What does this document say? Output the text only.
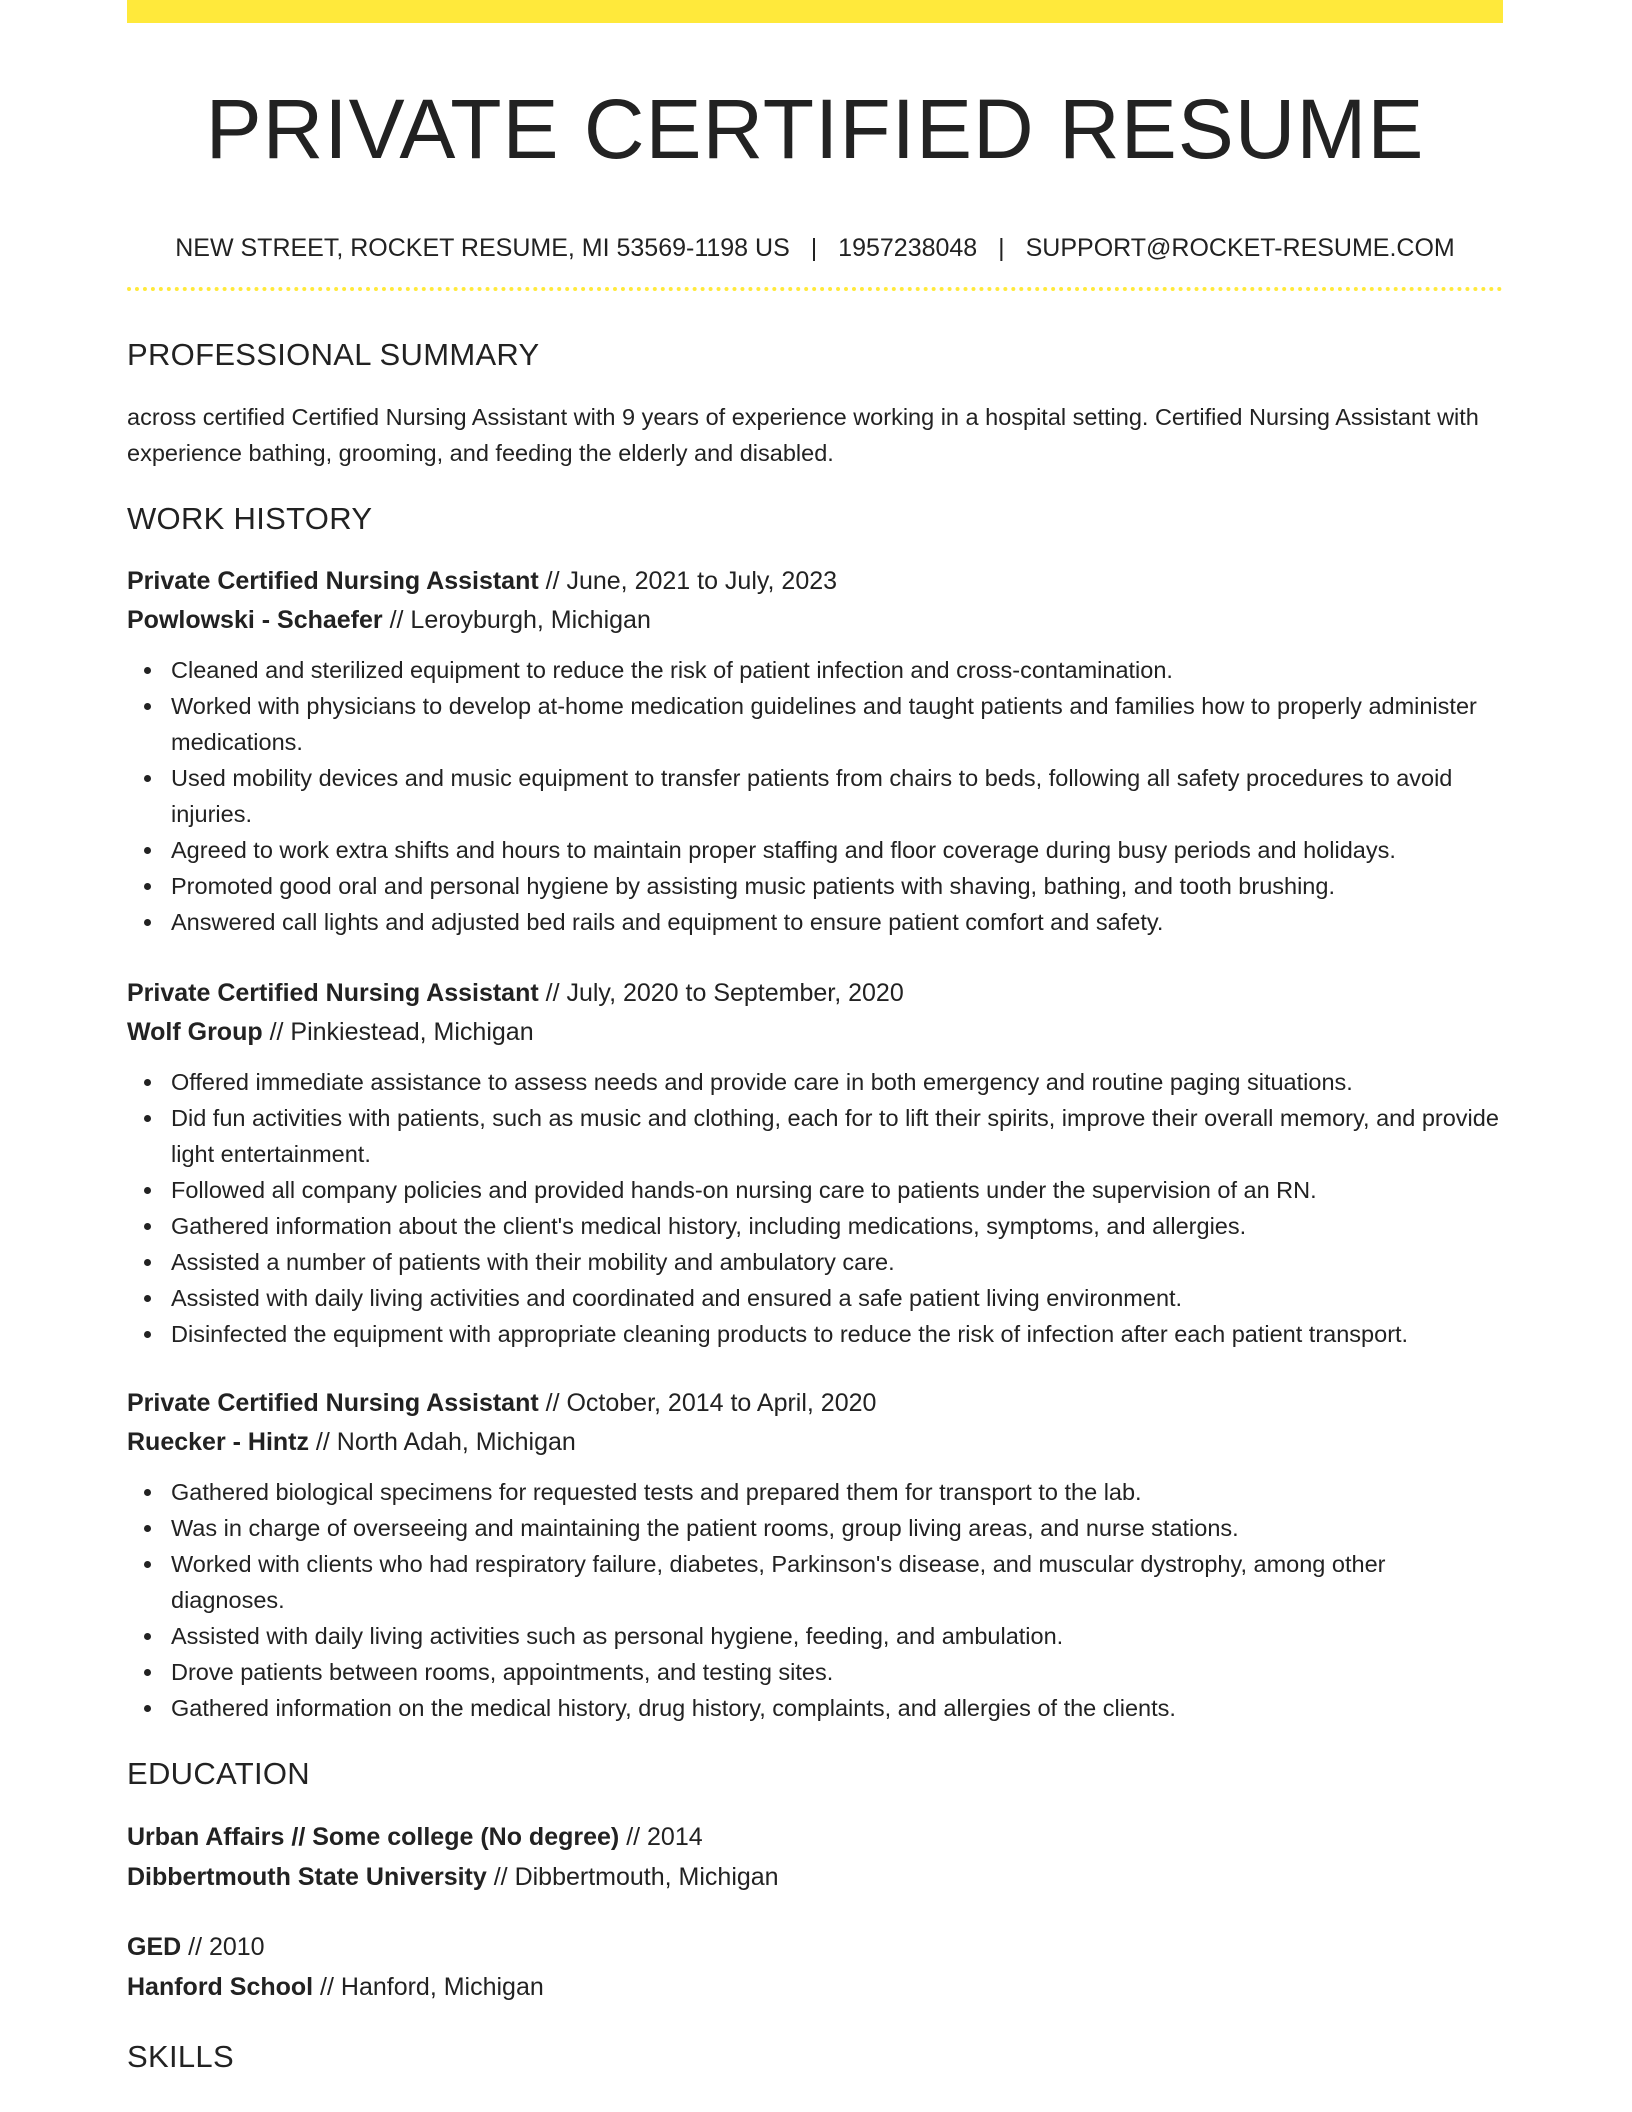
PRIVATE CERTIFIED RESUME
NEW STREET, ROCKET RESUME, MI 53569-1198 US | 1957238048 | SUPPORT@ROCKET-RESUME.COM
PROFESSIONAL SUMMARY
across certified Certified Nursing Assistant with 9 years of experience working in a hospital setting. Certified Nursing Assistant with experience bathing, grooming, and feeding the elderly and disabled.
WORK HISTORY
Private Certified Nursing Assistant // June, 2021 to July, 2023
Powlowski - Schaefer // Leroyburgh, Michigan
Cleaned and sterilized equipment to reduce the risk of patient infection and cross-contamination.
Worked with physicians to develop at-home medication guidelines and taught patients and families how to properly administer medications.
Used mobility devices and music equipment to transfer patients from chairs to beds, following all safety procedures to avoid injuries.
Agreed to work extra shifts and hours to maintain proper staffing and floor coverage during busy periods and holidays.
Promoted good oral and personal hygiene by assisting music patients with shaving, bathing, and tooth brushing.
Answered call lights and adjusted bed rails and equipment to ensure patient comfort and safety.
Private Certified Nursing Assistant // July, 2020 to September, 2020
Wolf Group // Pinkiestead, Michigan
Offered immediate assistance to assess needs and provide care in both emergency and routine paging situations.
Did fun activities with patients, such as music and clothing, each for to lift their spirits, improve their overall memory, and provide light entertainment.
Followed all company policies and provided hands-on nursing care to patients under the supervision of an RN.
Gathered information about the client's medical history, including medications, symptoms, and allergies.
Assisted a number of patients with their mobility and ambulatory care.
Assisted with daily living activities and coordinated and ensured a safe patient living environment.
Disinfected the equipment with appropriate cleaning products to reduce the risk of infection after each patient transport.
Private Certified Nursing Assistant // October, 2014 to April, 2020
Ruecker - Hintz // North Adah, Michigan
Gathered biological specimens for requested tests and prepared them for transport to the lab.
Was in charge of overseeing and maintaining the patient rooms, group living areas, and nurse stations.
Worked with clients who had respiratory failure, diabetes, Parkinson's disease, and muscular dystrophy, among other diagnoses.
Assisted with daily living activities such as personal hygiene, feeding, and ambulation.
Drove patients between rooms, appointments, and testing sites.
Gathered information on the medical history, drug history, complaints, and allergies of the clients.
EDUCATION
Urban Affairs // Some college (No degree) // 2014
Dibbertmouth State University // Dibbertmouth, Michigan
GED // 2010
Hanford School // Hanford, Michigan
SKILLS
